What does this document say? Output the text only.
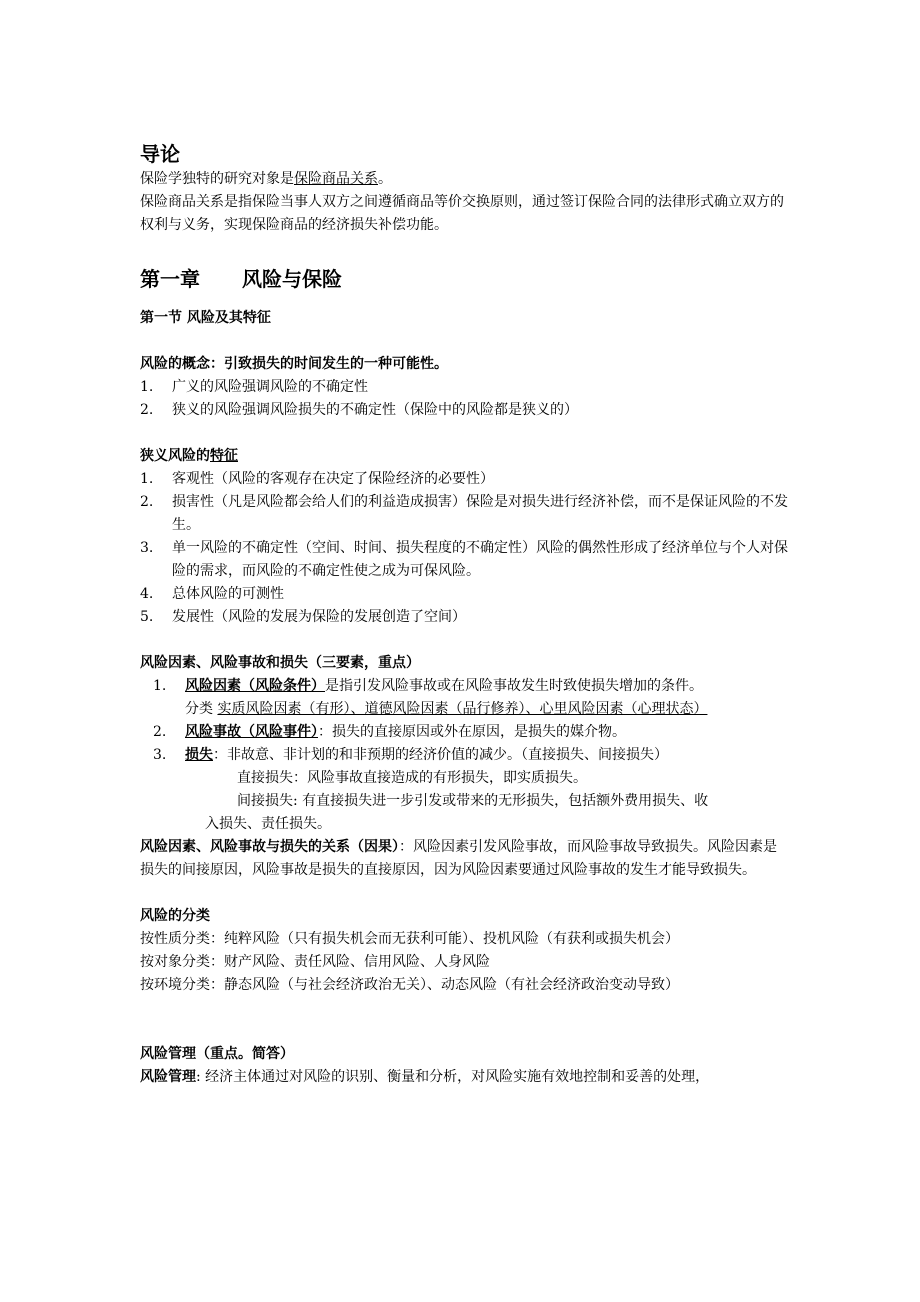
导论

保险学独特的研究对象是保险商品关系。

保险商品关系是指保险当事人双方之间遵循商品等价交换原则，通过签订保险合同的法律形式确立双方的权利与义务，实现保险商品的经济损失补偿功能。

第一章 风险与保险

第一节 风险及其特征

风险的概念：引致损失的时间发生的一种可能性。

1. 广义的风险强调风险的不确定性
2. 狭义的风险强调风险损失的不确定性（保险中的风险都是狭义的）

狭义风险的特征

1. 客观性（风险的客观存在决定了保险经济的必要性）
2. 损害性（凡是风险都会给人们的利益造成损害）保险是对损失进行经济补偿，而不是保证风险的不发生。
3. 单一风险的不确定性（空间、时间、损失程度的不确定性）风险的偶然性形成了经济单位与个人对保险的需求，而风险的不确定性使之成为可保风险。
4. 总体风险的可测性
5. 发展性（风险的发展为保险的发展创造了空间）

风险因素、风险事故和损失（三要素，重点）

1. 风险因素（风险条件）是指引发风险事故或在风险事故发生时致使损失增加的条件。

分类 实质风险因素（有形）、道德风险因素（品行修养）、心里风险因素（心理状态）

2. 风险事故（风险事件）：损失的直接原因或外在原因，是损失的媒介物。
3. 损失：非故意、非计划的和非预期的经济价值的减少。（直接损失、间接损失）

直接损失：风险事故直接造成的有形损失，即实质损失。

间接损失: 有直接损失进一步引发或带来的无形损失，包括额外费用损失、收

入损失、责任损失。

风险因素、风险事故与损失的关系（因果）：风险因素引发风险事故，而风险事故导致损失。风险因素是损失的间接原因，风险事故是损失的直接原因，因为风险因素要通过风险事故的发生才能导致损失。

风险的分类

按性质分类：纯粹风险（只有损失机会而无获利可能）、投机风险（有获利或损失机会）

按对象分类：财产风险、责任风险、信用风险、人身风险

按环境分类：静态风险（与社会经济政治无关）、动态风险（有社会经济政治变动导致）

风险管理（重点。简答）

风险管理: 经济主体通过对风险的识别、衡量和分析，对风险实施有效地控制和妥善的处理，
